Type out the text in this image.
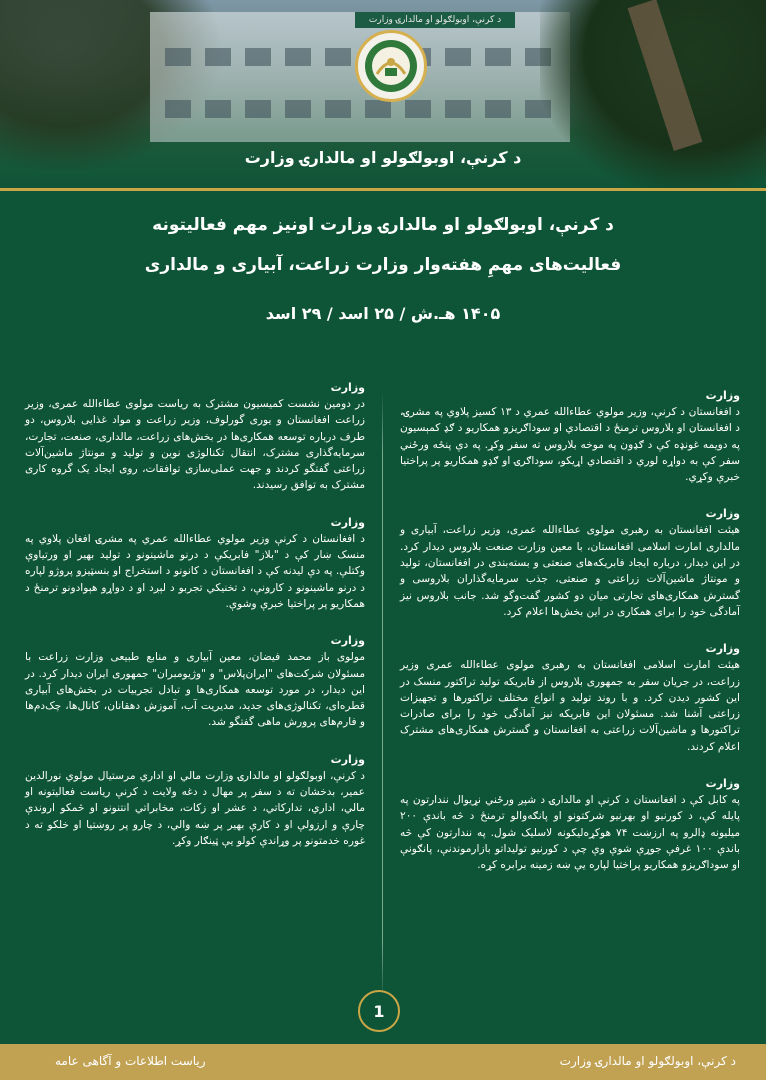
د کرنې، اوبولګولو او مالدارۍ وزارت
د کرنې، اوبولګولو او مالدارۍ وزارت
د کرنې، اوبولګولو او مالدارۍ وزارت اونیز مهم فعالیتونه
فعالیت‌های مهمِ هفته‌وار وزارت زراعت، آبیاری و مالداری
۱۴۰۵ هـ.ش / ۲۵ اسد / ۲۹ اسد
وزارت
د افغانستان د کرنې، وزیر مولوي عطاءالله عمري د ۱۳ کسیز پلاوي په مشرۍ، د افغانستان او بلاروس ترمنځ د اقتصادي او سوداګریزو همکاریو د ګډ کمېسیون په دویمه غونډه کې د ګډون په موخه بلاروس ته سفر وکړ. په دې پنځه ورځني سفر کې به دواړه لوري د اقتصادي اړیکو، سوداګرۍ او ګډو همکاریو پر پراختیا خبرې وکړي.
وزارت
هیئت افغانستان به رهبری مولوی عطاءالله عمری، وزیر زراعت، آبیاری و مالداری امارت اسلامی افغانستان، با معین وزارت صنعت بلاروس دیدار کرد. در این دیدار، درباره ایجاد فابریکه‌های صنعتی و بسته‌بندی در افغانستان، تولید و مونتاژ ماشین‌آلات زراعتی و صنعتی، جذب سرمایه‌گذاران بلاروسی و گسترش همکاری‌های تجارتی میان دو کشور گفت‌وگو شد. جانب بلاروس نیز آمادگی خود را برای همکاری در این بخش‌ها اعلام کرد.
وزارت
هیئت امارت اسلامی افغانستان به رهبری مولوی عطاءالله عمری وزیر زراعت، در جریان سفر به جمهوری بلاروس از فابریکه تولید تراکتور منسک در این کشور دیدن کرد. و با روند تولید و انواع مختلف تراکتورها و تجهیزات زراعتی آشنا شد. مسئولان این فابریکه نیز آمادگی خود را برای صادرات تراکتورها و ماشین‌آلات زراعتی به افغانستان و گسترش همکاری‌های مشترک اعلام کردند.
وزارت
په کابل کې د افغانستان د کرنې او مالدارۍ د شپږ ورځني نړیوال نندارتون په پایله کې، د کورنیو او بهرنیو شرکتونو او پانګه‌والو ترمنځ د څه باندې ۲۰۰ میلیونه ډالرو په ارزښت ۷۴ هوکړه‌لیکونه لاسلیک شول. په نندارتون کې څه باندې ۱۰۰ غرفې جوړې شوې وې چې د کورنیو تولیداتو بازارموندنې، پانګونې او سوداګریزو همکاریو پراختیا لپاره یې ښه زمینه برابره کړه.
وزارت
در دومین نشست کمیسیون مشترک به ریاست مولوی عطاءالله عمری، وزیر زراعت افغانستان و یوری گورلوف، وزیر زراعت و مواد غذایی بلاروس، دو طرف درباره توسعه همکاری‌ها در بخش‌های زراعت، مالداری، صنعت، تجارت، سرمایه‌گذاری مشترک، انتقال تکنالوژی نوین و تولید و مونتاژ ماشین‌آلات زراعتی گفتگو کردند و جهت عملی‌سازی توافقات، روی ایجاد یک گروه کاری مشترک به توافق رسیدند.
وزارت
د افغانستان د کرنې وزیر مولوي عطاءالله عمري په مشرۍ افغان پلاوي په منسک ښار کې د "بلاز" فابریکې د درنو ماشینونو د تولید بهیر او ورتیاوې وکتلې. په دې لیدنه کې د افغانستان د کانونو د استخراج او بنسټیزو پروژو لپاره د درنو ماشینونو د کارونې، د تخنیکي تجربو د لېږد او د دواړو هېوادونو ترمنځ د همکاریو پر پراختیا خبرې وشوې.
وزارت
مولوی باز محمد فیضان، معین آبیاری و منابع طبیعی وزارت زراعت با مسئولان شرکت‌های "ایران‌پلاس" و "وژیومبران" جمهوری ایران دیدار کرد. در این دیدار، در مورد توسعه همکاری‌ها و تبادل تجربیات در بخش‌های آبیاری قطره‌ای، تکنالوژی‌های جدید، مدیریت آب، آموزش دهقانان، کانال‌ها، چک‌دم‌ها و فارم‌های پرورش ماهی گفتگو شد.
وزارت
د کرنې، اوبولګولو او مالدارۍ وزارت مالي او اداري مرستیال مولوي نورالدین عمیر، بدخشان ته د سفر پر مهال د دغه ولایت د کرنې ریاست فعالیتونه او مالي، اداري، تدارکاتي، د عشر او زکات، مخابراتي انتنونو او څمکو اروندې چارې و ارزولې او د کارې بهیر پر ښه والي، د چارو پر روښتیا او خلکو ته د غوره خدمتونو پر وړاندې کولو یې ټینګار وکړ.
1
د کرنې، اوبولګولو او مالدارۍ وزارت
ریاست اطلاعات و آگاهی عامه
